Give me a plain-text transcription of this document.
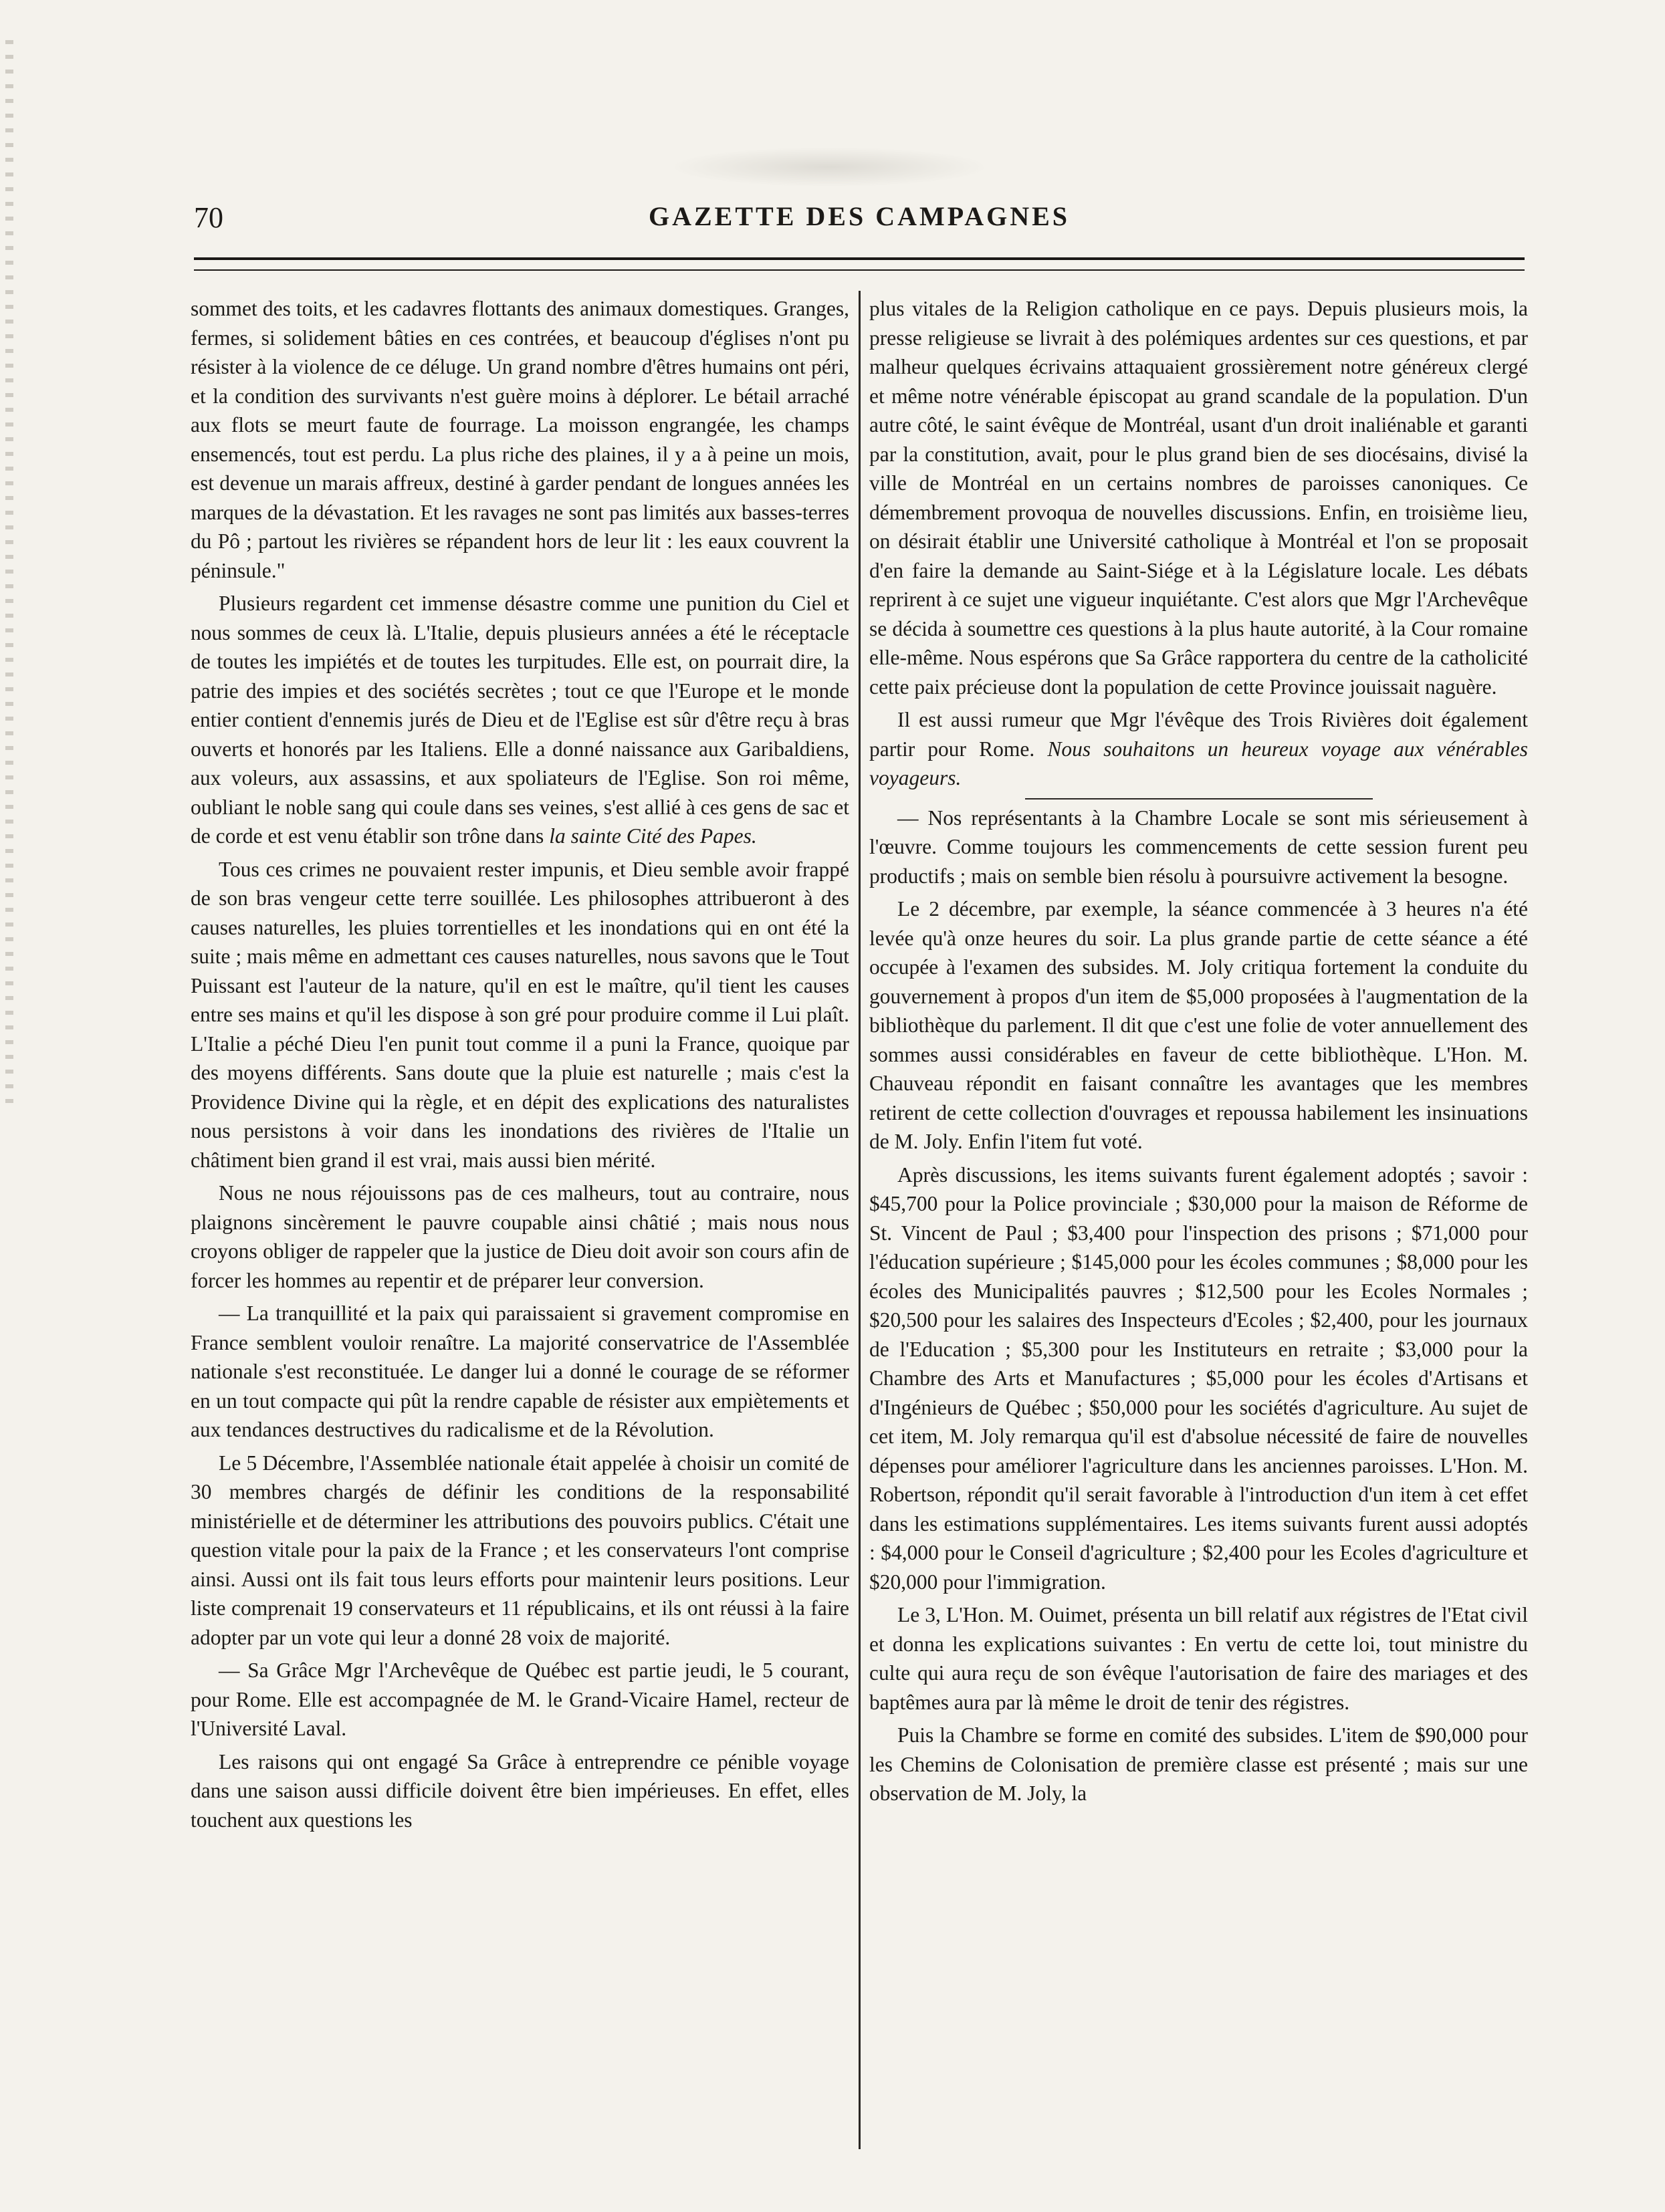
70	GAZETTE DES CAMPAGNES

sommet des toits, et les cadavres flottants des animaux domestiques. Granges, fermes, si solidement bâties en ces contrées, et beaucoup d'églises n'ont pu résister à la violence de ce déluge. Un grand nombre d'êtres humains ont péri, et la condition des survivants n'est guère moins à déplorer. Le bétail arraché aux flots se meurt faute de fourrage. La moisson engrangée, les champs ensemencés, tout est perdu. La plus riche des plaines, il y a à peine un mois, est devenue un marais affreux, destiné à garder pendant de longues années les marques de la dévastation. Et les ravages ne sont pas limités aux basses-terres du Pô ; partout les rivières se répandent hors de leur lit : les eaux couvrent la péninsule."

Plusieurs regardent cet immense désastre comme une punition du Ciel et nous sommes de ceux là. L'Italie, depuis plusieurs années a été le réceptacle de toutes les impiétés et de toutes les turpitudes. Elle est, on pourrait dire, la patrie des impies et des sociétés secrètes ; tout ce que l'Europe et le monde entier contient d'ennemis jurés de Dieu et de l'Eglise est sûr d'être reçu à bras ouverts et honorés par les Italiens. Elle a donné naissance aux Garibaldiens, aux voleurs, aux assassins, et aux spoliateurs de l'Eglise. Son roi même, oubliant le noble sang qui coule dans ses veines, s'est allié à ces gens de sac et de corde et est venu établir son trône dans la sainte Cité des Papes.

Tous ces crimes ne pouvaient rester impunis, et Dieu semble avoir frappé de son bras vengeur cette terre souillée. Les philosophes attribueront à des causes naturelles, les pluies torrentielles et les inondations qui en ont été la suite ; mais même en admettant ces causes naturelles, nous savons que le Tout Puissant est l'auteur de la nature, qu'il en est le maître, qu'il tient les causes entre ses mains et qu'il les dispose à son gré pour produire comme il Lui plaît. L'Italie a péché Dieu l'en punit tout comme il a puni la France, quoique par des moyens différents. Sans doute que la pluie est naturelle ; mais c'est la Providence Divine qui la règle, et en dépit des explications des naturalistes nous persistons à voir dans les inondations des rivières de l'Italie un châtiment bien grand il est vrai, mais aussi bien mérité.

Nous ne nous réjouissons pas de ces malheurs, tout au contraire, nous plaignons sincèrement le pauvre coupable ainsi châtié ; mais nous nous croyons obliger de rappeler que la justice de Dieu doit avoir son cours afin de forcer les hommes au repentir et de préparer leur conversion.

— La tranquillité et la paix qui paraissaient si gravement compromise en France semblent vouloir renaître. La majorité conservatrice de l'Assemblée nationale s'est reconstituée. Le danger lui a donné le courage de se réformer en un tout compacte qui pût la rendre capable de résister aux empiètements et aux tendances destructives du radicalisme et de la Révolution.

Le 5 Décembre, l'Assemblée nationale était appelée à choisir un comité de 30 membres chargés de définir les conditions de la responsabilité ministérielle et de déterminer les attributions des pouvoirs publics. C'était une question vitale pour la paix de la France ; et les conservateurs l'ont comprise ainsi. Aussi ont ils fait tous leurs efforts pour maintenir leurs positions. Leur liste comprenait 19 conservateurs et 11 républicains, et ils ont réussi à la faire adopter par un vote qui leur a donné 28 voix de majorité.

— Sa Grâce Mgr l'Archevêque de Québec est partie jeudi, le 5 courant, pour Rome. Elle est accompagnée de M. le Grand-Vicaire Hamel, recteur de l'Université Laval.

Les raisons qui ont engagé Sa Grâce à entreprendre ce pénible voyage dans une saison aussi difficile doivent être bien impérieuses. En effet, elles touchent aux questions les

plus vitales de la Religion catholique en ce pays. Depuis plusieurs mois, la presse religieuse se livrait à des polémiques ardentes sur ces questions, et par malheur quelques écrivains attaquaient grossièrement notre généreux clergé et même notre vénérable épiscopat au grand scandale de la population. D'un autre côté, le saint évêque de Montréal, usant d'un droit inaliénable et garanti par la constitution, avait, pour le plus grand bien de ses diocésains, divisé la ville de Montréal en un certains nombres de paroisses canoniques. Ce démembrement provoqua de nouvelles discussions. Enfin, en troisième lieu, on désirait établir une Université catholique à Montréal et l'on se proposait d'en faire la demande au Saint-Siége et à la Législature locale. Les débats reprirent à ce sujet une vigueur inquiétante. C'est alors que Mgr l'Archevêque se décida à soumettre ces questions à la plus haute autorité, à la Cour romaine elle-même. Nous espérons que Sa Grâce rapportera du centre de la catholicité cette paix précieuse dont la population de cette Province jouissait naguère.

Il est aussi rumeur que Mgr l'évêque des Trois Rivières doit également partir pour Rome. Nous souhaitons un heureux voyage aux vénérables voyageurs.

— Nos représentants à la Chambre Locale se sont mis sérieusement à l'œuvre. Comme toujours les commencements de cette session furent peu productifs ; mais on semble bien résolu à poursuivre activement la besogne.

Le 2 décembre, par exemple, la séance commencée à 3 heures n'a été levée qu'à onze heures du soir. La plus grande partie de cette séance a été occupée à l'examen des subsides. M. Joly critiqua fortement la conduite du gouvernement à propos d'un item de $5,000 proposées à l'augmentation de la bibliothèque du parlement. Il dit que c'est une folie de voter annuellement des sommes aussi considérables en faveur de cette bibliothèque. L'Hon. M. Chauveau répondit en faisant connaître les avantages que les membres retirent de cette collection d'ouvrages et repoussa habilement les insinuations de M. Joly. Enfin l'item fut voté.

Après discussions, les items suivants furent également adoptés ; savoir : $45,700 pour la Police provinciale ; $30,000 pour la maison de Réforme de St. Vincent de Paul ; $3,400 pour l'inspection des prisons ; $71,000 pour l'éducation supérieure ; $145,000 pour les écoles communes ; $8,000 pour les écoles des Municipalités pauvres ; $12,500 pour les Ecoles Normales ; $20,500 pour les salaires des Inspecteurs d'Ecoles ; $2,400, pour les journaux de l'Education ; $5,300 pour les Instituteurs en retraite ; $3,000 pour la Chambre des Arts et Manufactures ; $5,000 pour les écoles d'Artisans et d'Ingénieurs de Québec ; $50,000 pour les sociétés d'agriculture. Au sujet de cet item, M. Joly remarqua qu'il est d'absolue nécessité de faire de nouvelles dépenses pour améliorer l'agriculture dans les anciennes paroisses. L'Hon. M. Robertson, répondit qu'il serait favorable à l'introduction d'un item à cet effet dans les estimations supplémentaires. Les items suivants furent aussi adoptés : $4,000 pour le Conseil d'agriculture ; $2,400 pour les Ecoles d'agriculture et $20,000 pour l'immigration.

Le 3, L'Hon. M. Ouimet, présenta un bill relatif aux régistres de l'Etat civil et donna les explications suivantes : En vertu de cette loi, tout ministre du culte qui aura reçu de son évêque l'autorisation de faire des mariages et des baptêmes aura par là même le droit de tenir des régistres.

Puis la Chambre se forme en comité des subsides. L'item de $90,000 pour les Chemins de Colonisation de première classe est présenté ; mais sur une observation de M. Joly, la
